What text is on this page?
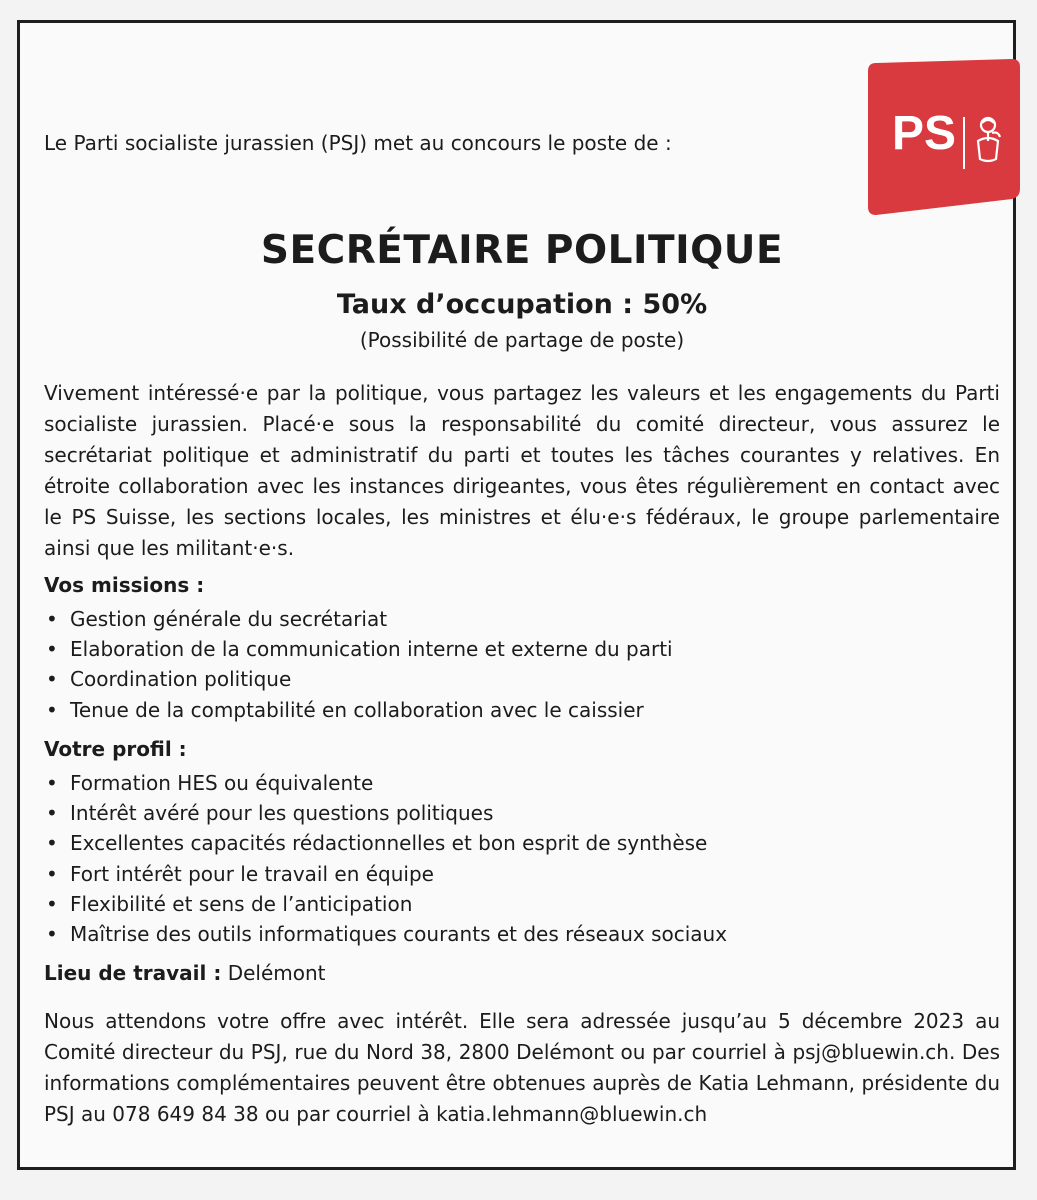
Le Parti socialiste jurassien (PSJ) met au concours le poste de :	PS
SECRÉTAIRE POLITIQUE
Taux d’occupation : 50%
(Possibilité de partage de poste)
Vivement intéressé·e par la politique, vous partagez les valeurs et les engagements du Parti socialiste jurassien. Placé·e sous la responsabilité du comité directeur, vous assurez le secrétariat politique et administratif du parti et toutes les tâches courantes y relatives. En étroite collaboration avec les instances dirigeantes, vous êtes régulièrement en contact avec le PS Suisse, les sections locales, les ministres et élu·e·s fédéraux, le groupe parlementaire ainsi que les militant·e·s.
Vos missions :
• Gestion générale du secrétariat
• Elaboration de la communication interne et externe du parti
• Coordination politique
• Tenue de la comptabilité en collaboration avec le caissier
Votre profil :
• Formation HES ou équivalente
• Intérêt avéré pour les questions politiques
• Excellentes capacités rédactionnelles et bon esprit de synthèse
• Fort intérêt pour le travail en équipe
• Flexibilité et sens de l’anticipation
• Maîtrise des outils informatiques courants et des réseaux sociaux
Lieu de travail : Delémont
Nous attendons votre offre avec intérêt. Elle sera adressée jusqu’au 5 décembre 2023 au Comité directeur du PSJ, rue du Nord 38, 2800 Delémont ou par courriel à psj@bluewin.ch. Des informations complémentaires peuvent être obtenues auprès de Katia Lehmann, présidente du PSJ au 078 649 84 38 ou par courriel à katia.lehmann@bluewin.ch
